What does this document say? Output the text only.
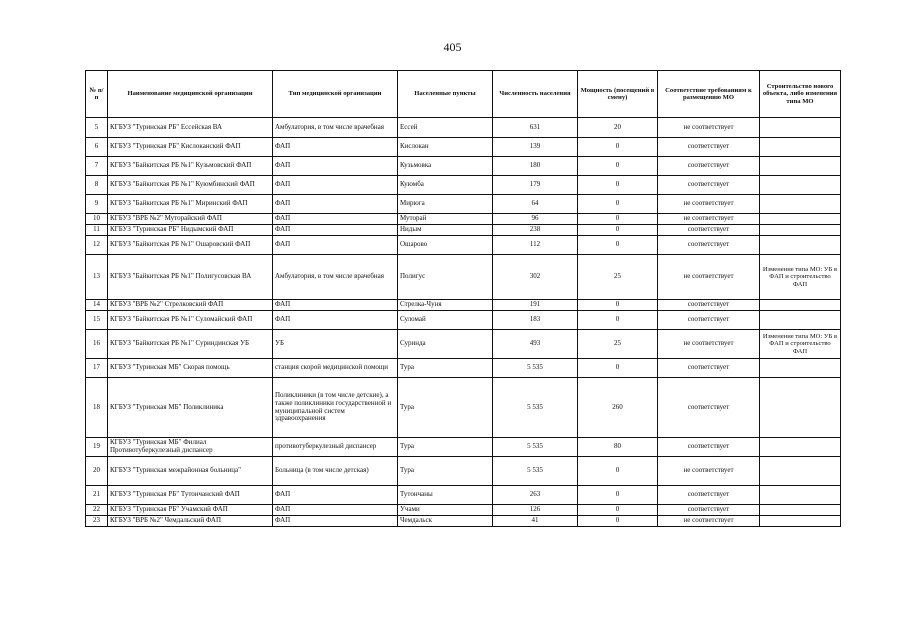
405
№ п/п	Наименование медицинской организации	Тип медицинской организации	Населенные пункты	Численность населения	Мощность (посещений в смену)	Соответствие требованиям к размещению МО	Строительство нового объекта, либо изменения типа МО
5	КГБУЗ "Туринская РБ" Ессейская ВА	Амбулатория, в том числе врачебная	Ессей	631	20	не соответствует	
6	КГБУЗ "Туринская РБ" Кислоканский ФАП	ФАП	Кислокан	139	0	соответствует	
7	КГБУЗ "Байкитская РБ №1" Кузьмовский ФАП	ФАП	Кузьмовка	180	0	соответствует	
8	КГБУЗ "Байкитская РБ №1" Куюмбинский ФАП	ФАП	Куюмба	179	0	соответствует	
9	КГБУЗ "Байкитская РБ №1" Миринский ФАП	ФАП	Мирюга	64	0	не соответствует	
10	КГБУЗ "ВРБ №2" Муторайский ФАП	ФАП	Муторай	96	0	не соответствует	
11	КГБУЗ "Туринская РБ" Нидымский ФАП	ФАП	Нидым	238	0	соответствует	
12	КГБУЗ "Байкитская РБ №1" Ошаровский ФАП	ФАП	Ошарово	112	0	соответствует	
13	КГБУЗ "Байкитская РБ №1" Полигусовская ВА	Амбулатория, в том числе врачебная	Полигус	302	25	не соответствует	Изменение типа МО: УБ в ФАП и строительство ФАП
14	КГБУЗ "ВРБ №2" Стрелковский ФАП	ФАП	Стрелка-Чуня	191	0	соответствует	
15	КГБУЗ "Байкитская РБ №1" Суломайский ФАП	ФАП	Суломай	183	0	соответствует	
16	КГБУЗ "Байкитская РБ №1" Суриндинская УБ	УБ	Суринда	493	25	не соответствует	Изменение типа МО: УБ в ФАП и строительство ФАП
17	КГБУЗ "Туринская МБ" Скорая помощь	станция скорой медицинской помощи	Тура	5 535	0	соответствует	
18	КГБУЗ "Туринская МБ" Поликлиника	Поликлиники (в том числе детские), а также поликлиники государственной и муниципальной систем здравоохранения	Тура	5 535	260	соответствует	
19	КГБУЗ "Туринская МБ" Филиал Противотуберкулезный диспансер	противотуберкулезный диспансер	Тура	5 535	80	соответствует	
20	КГБУЗ "Туринская межрайонная больница"	Больница (в том числе детская)	Тура	5 535	0	не соответствует	
21	КГБУЗ "Туринская РБ" Тутончанский ФАП	ФАП	Тутончаны	263	0	соответствует	
22	КГБУЗ "Туринская РБ" Учамский ФАП	ФАП	Учами	126	0	соответствует	
23	КГБУЗ "ВРБ №2" Чемдальский ФАП	ФАП	Чемдальск	41	0	не соответствует	
